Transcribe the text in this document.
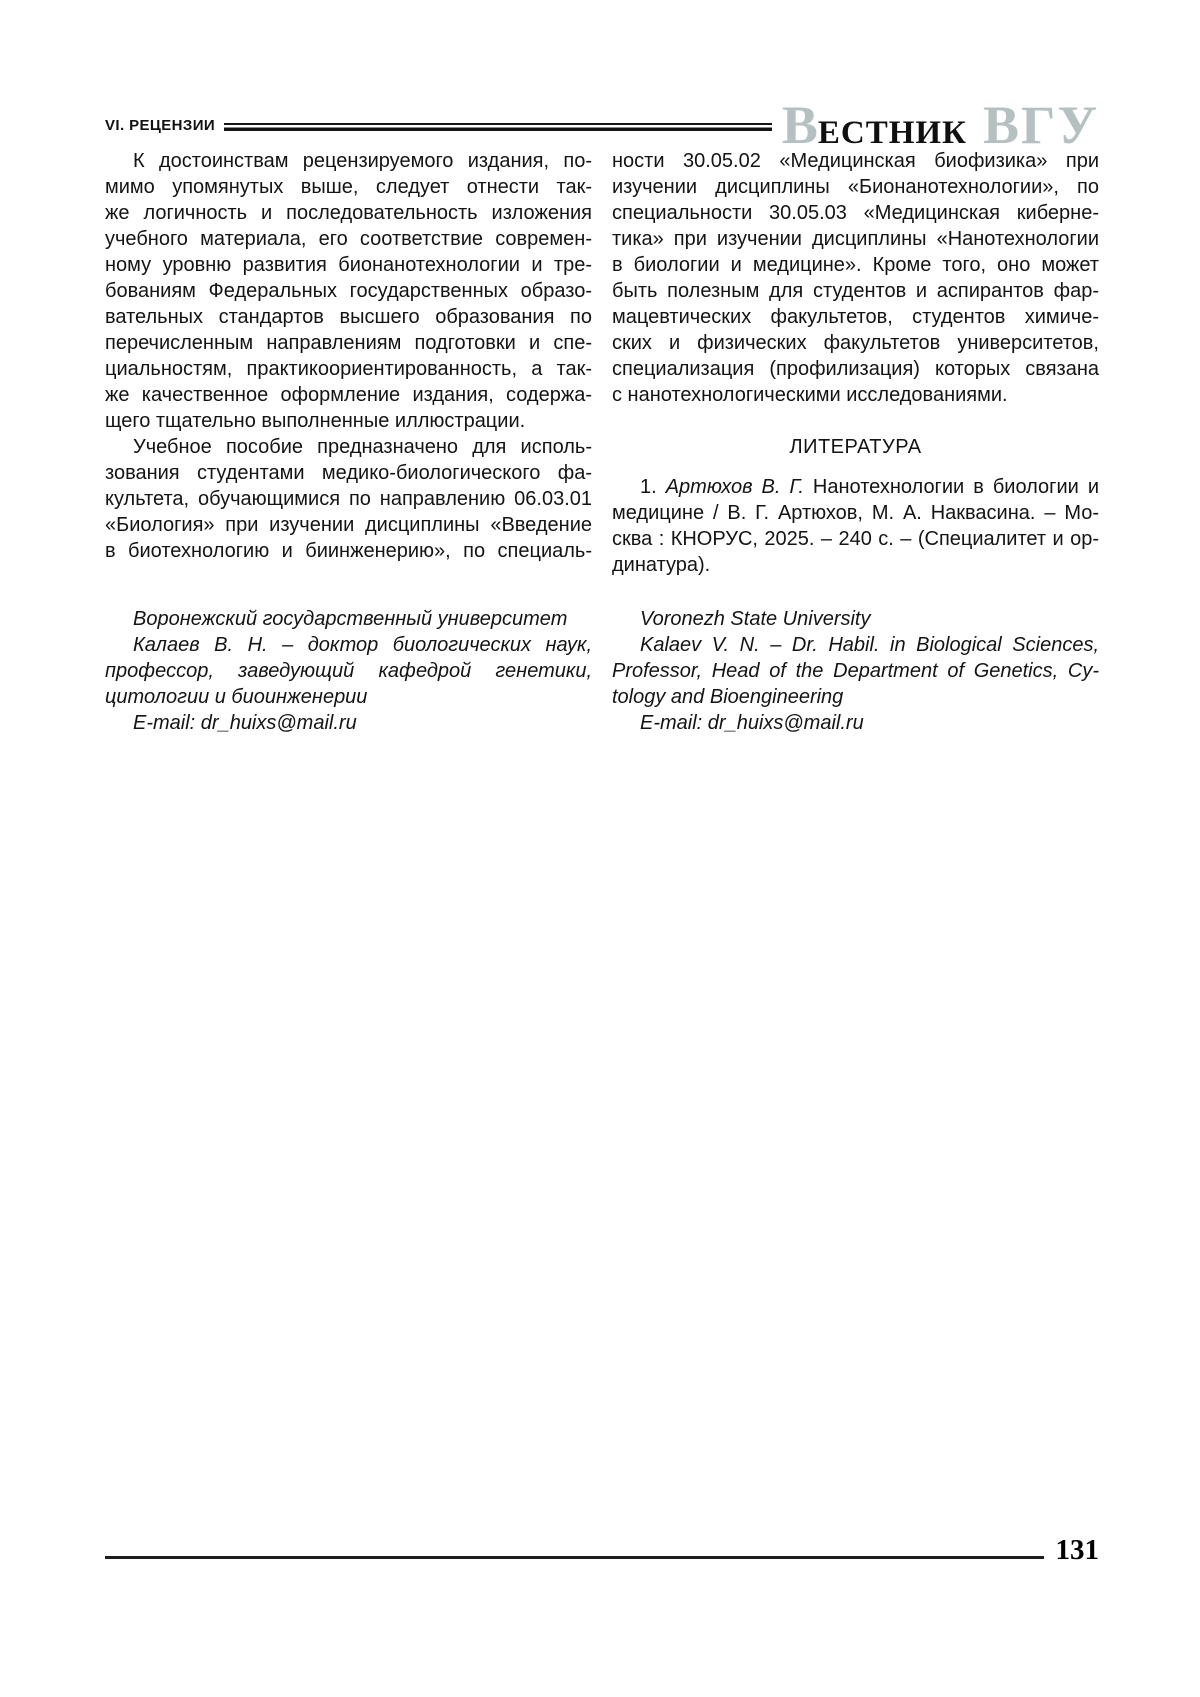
VI. РЕЦЕНЗИИ	В ЕСТНИК ВГУ
К достоинствам рецензируемого издания, по-
мимо упомянутых выше, следует отнести так-
же логичность и последовательность изложения
учебного материала, его соответствие современ-
ному уровню развития бионанотехнологии и тре-
бованиям Федеральных государственных образо-
вательных стандартов высшего образования по
перечисленным направлениям подготовки и спе-
циальностям, практикоориентированность, а так-
же качественное оформление издания, содержа-
щего тщательно выполненные иллюстрации.
Учебное пособие предназначено для исполь-
зования студентами медико-биологического фа-
культета, обучающимися по направлению 06.03.01
«Биология» при изучении дисциплины «Введение
в биотехнологию и биинженерию», по специаль-
ности 30.05.02 «Медицинская биофизика» при
изучении дисциплины «Бионанотехнологии», по
специальности 30.05.03 «Медицинская киберне-
тика» при изучении дисциплины «Нанотехнологии
в биологии и медицине». Кроме того, оно может
быть полезным для студентов и аспирантов фар-
мацевтических факультетов, студентов химиче-
ских и физических факультетов университетов,
специализация (профилизация) которых связана
с нанотехнологическими исследованиями.
ЛИТЕРАТУРА
1. Артюхов В. Г. Нанотехнологии в биологии и
медицине / В. Г. Артюхов, М. А. Наквасина. – Мо-
сква : КНОРУС, 2025. – 240 с. – (Специалитет и ор-
динатура).
Воронежский государственный университет
Калаев В. Н. – доктор биологических наук,
профессор, заведующий кафедрой генетики,
цитологии и биоинженерии
E-mail: dr_huixs@mail.ru
Voronezh State University
Kalaev V. N. – Dr. Habil. in Biological Sciences,
Professor, Head of the Department of Genetics, Cy-
tology and Bioengineering
E-mail: dr_huixs@mail.ru
131
